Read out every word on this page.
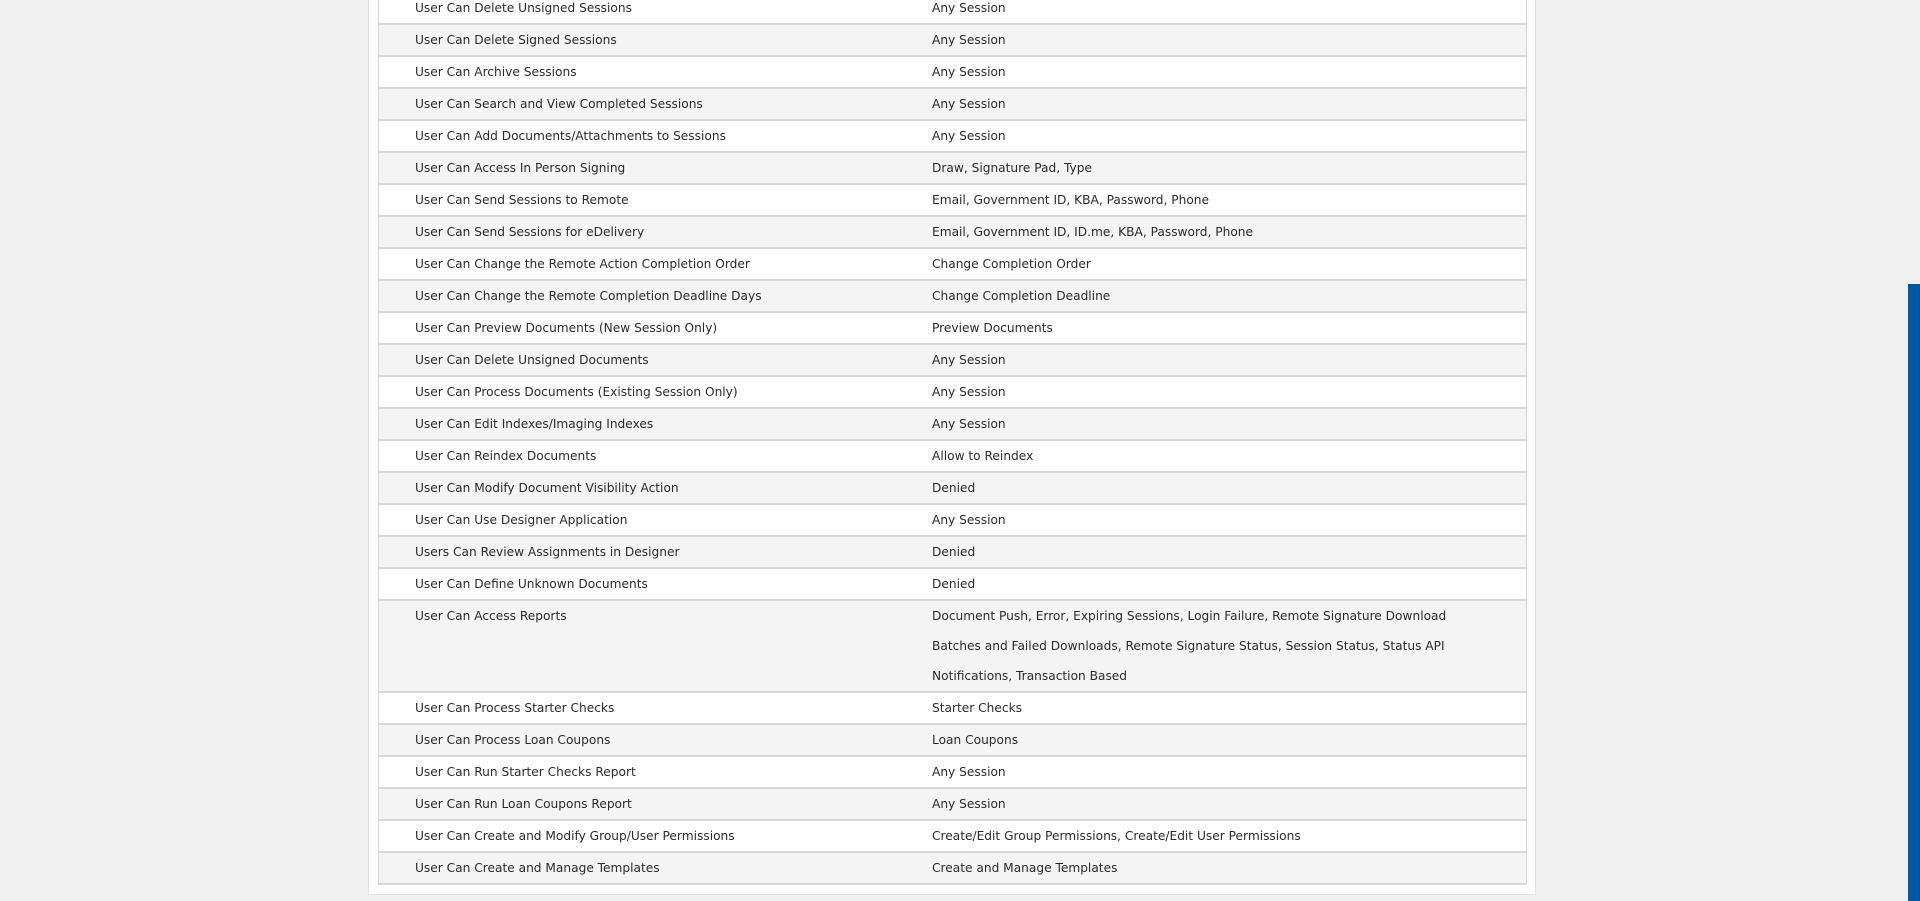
User Can Delete Unsigned Sessions	Any Session
User Can Delete Signed Sessions	Any Session
User Can Archive Sessions	Any Session
User Can Search and View Completed Sessions	Any Session
User Can Add Documents/Attachments to Sessions	Any Session
User Can Access In Person Signing	Draw, Signature Pad, Type
User Can Send Sessions to Remote	Email, Government ID, KBA, Password, Phone
User Can Send Sessions for eDelivery	Email, Government ID, ID.me, KBA, Password, Phone
User Can Change the Remote Action Completion Order	Change Completion Order
User Can Change the Remote Completion Deadline Days	Change Completion Deadline
User Can Preview Documents (New Session Only)	Preview Documents
User Can Delete Unsigned Documents	Any Session
User Can Process Documents (Existing Session Only)	Any Session
User Can Edit Indexes/Imaging Indexes	Any Session
User Can Reindex Documents	Allow to Reindex
User Can Modify Document Visibility Action	Denied
User Can Use Designer Application	Any Session
Users Can Review Assignments in Designer	Denied
User Can Define Unknown Documents	Denied
User Can Access Reports	Document Push, Error, Expiring Sessions, Login Failure, Remote Signature Download Batches and Failed Downloads, Remote Signature Status, Session Status, Status API Notifications, Transaction Based
User Can Process Starter Checks	Starter Checks
User Can Process Loan Coupons	Loan Coupons
User Can Run Starter Checks Report	Any Session
User Can Run Loan Coupons Report	Any Session
User Can Create and Modify Group/User Permissions	Create/Edit Group Permissions, Create/Edit User Permissions
User Can Create and Manage Templates	Create and Manage Templates
